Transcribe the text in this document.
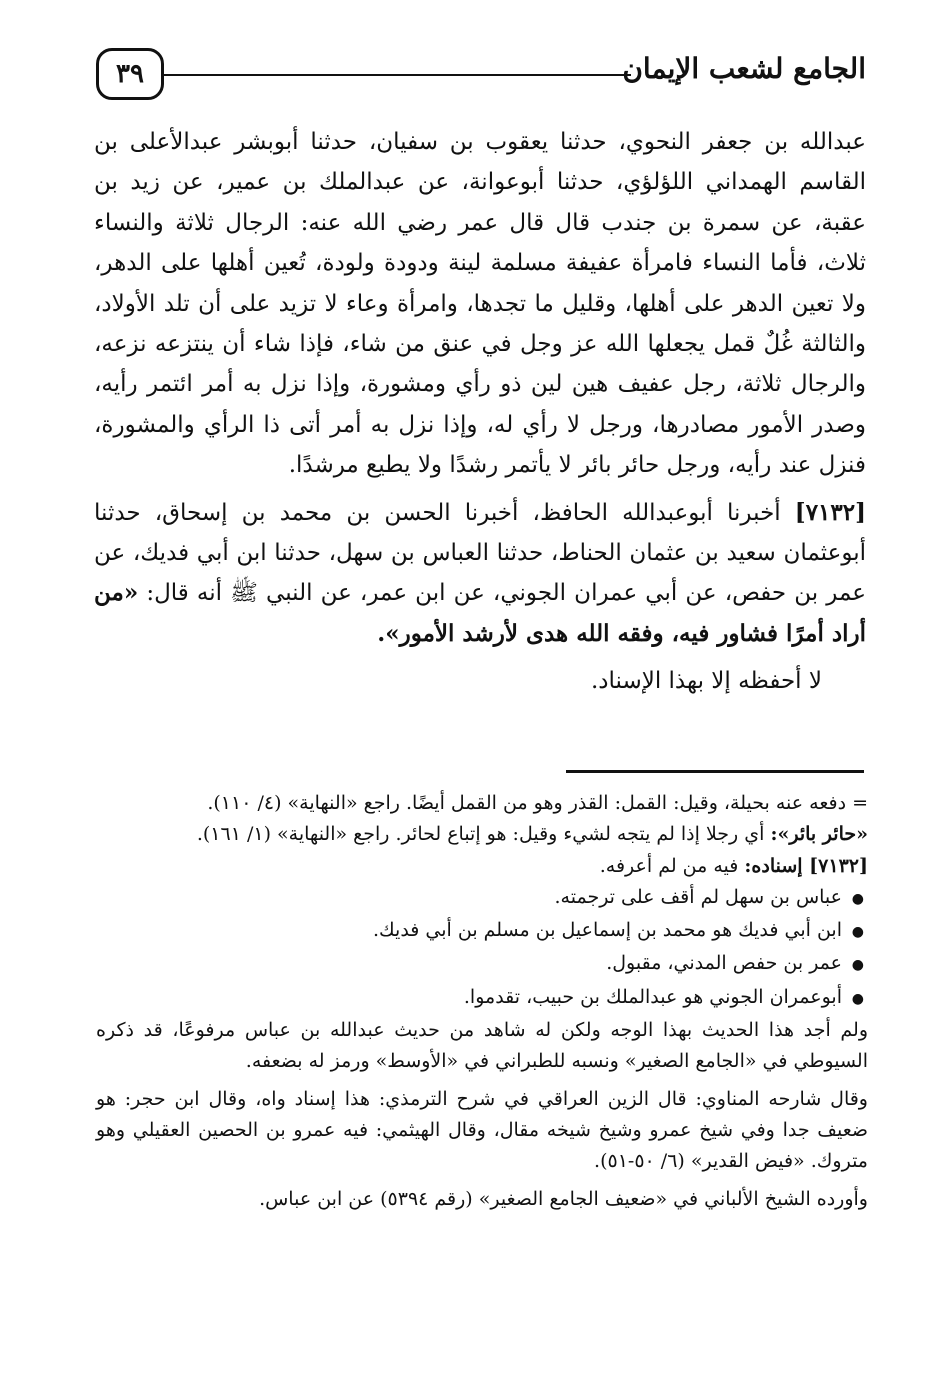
الجامع لشعب الإيمان
٣٩

عبدالله بن جعفر النحوي، حدثنا يعقوب بن سفيان، حدثنا أبوبشر عبدالأعلى بن القاسم الهمداني اللؤلؤي، حدثنا أبوعوانة، عن عبدالملك بن عمير، عن زيد بن عقبة، عن سمرة بن جندب قال قال عمر رضي الله عنه: الرجال ثلاثة والنساء ثلاث، فأما النساء فامرأة عفيفة مسلمة لينة ودودة ولودة، تُعين أهلها على الدهر، ولا تعين الدهر على أهلها، وقليل ما تجدها، وامرأة وعاء لا تزيد على أن تلد الأولاد، والثالثة غُلٌ قمل يجعلها الله عز وجل في عنق من شاء، فإذا شاء أن ينتزعه نزعه، والرجال ثلاثة، رجل عفيف هين لين ذو رأي ومشورة، وإذا نزل به أمر ائتمر رأيه، وصدر الأمور مصادرها، ورجل لا رأي له، وإذا نزل به أمر أتى ذا الرأي والمشورة، فنزل عند رأيه، ورجل حائر بائر لا يأتمر رشدًا ولا يطيع مرشدًا.

[٧١٣٢] أخبرنا أبوعبدالله الحافظ، أخبرنا الحسن بن محمد بن إسحاق، حدثنا أبوعثمان سعيد بن عثمان الحناط، حدثنا العباس بن سهل، حدثنا ابن أبي فديك، عن عمر بن حفص، عن أبي عمران الجوني، عن ابن عمر، عن النبي ﷺ أنه قال: «من أراد أمرًا فشاور فيه، وفقه الله هدى لأرشد الأمور».

لا أحفظه إلا بهذا الإسناد.

= دفعه عنه بحيلة، وقيل: القمل: القذر وهو من القمل أيضًا. راجع «النهاية» (٤/ ١١٠).

«حائر بائر»: أي رجلا إذا لم يتجه لشيء وقيل: هو إتباع لحائر. راجع «النهاية» (١/ ١٦١).

[٧١٣٢] إسناده: فيه من لم أعرفه.

●عباس بن سهل لم أقف على ترجمته.
●ابن أبي فديك هو محمد بن إسماعيل بن مسلم بن أبي فديك.
●عمر بن حفص المدني، مقبول.
●أبوعمران الجوني هو عبدالملك بن حبيب، تقدموا.

ولم أجد هذا الحديث بهذا الوجه ولكن له شاهد من حديث عبدالله بن عباس مرفوعًا، قد ذكره السيوطي في «الجامع الصغير» ونسبه للطبراني في «الأوسط» ورمز له بضعفه.

وقال شارحه المناوي: قال الزين العراقي في شرح الترمذي: هذا إسناد واه، وقال ابن حجر: هو ضعيف جدا وفي شيخ عمرو وشيخ شيخه مقال، وقال الهيثمي: فيه عمرو بن الحصين العقيلي وهو متروك. «فيض القدير» (٦/ ٥٠-٥١).

وأورده الشيخ الألباني في «ضعيف الجامع الصغير» (رقم ٥٣٩٤) عن ابن عباس.
